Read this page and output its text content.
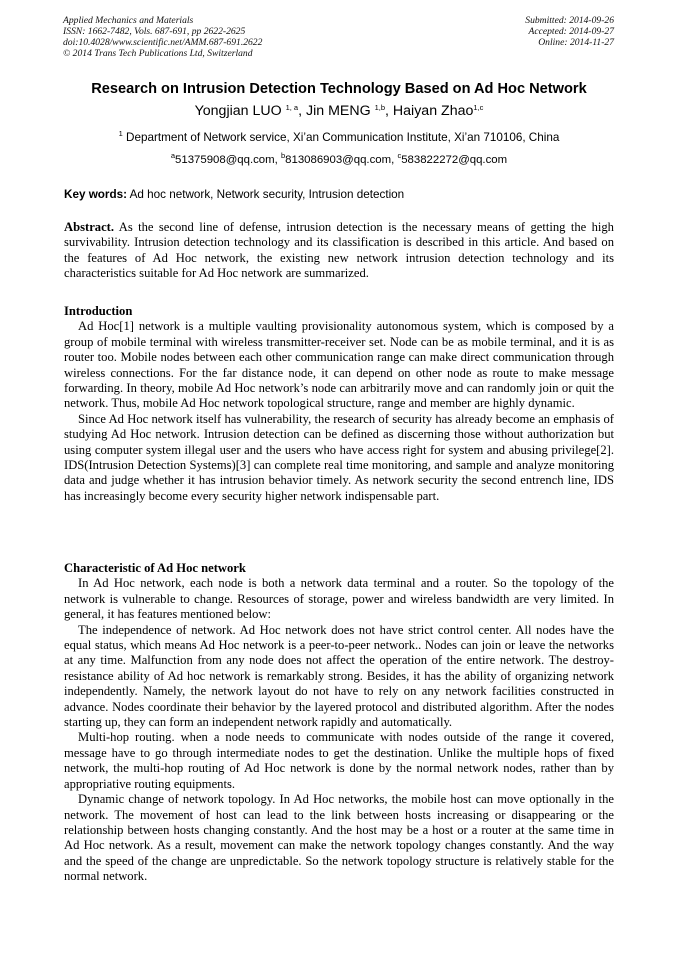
Applied Mechanics and Materials
ISSN: 1662-7482, Vols. 687-691, pp 2622-2625
doi:10.4028/www.scientific.net/AMM.687-691.2622
© 2014 Trans Tech Publications Ltd, Switzerland
Submitted: 2014-09-26
Accepted: 2014-09-27
Online: 2014-11-27
Research on Intrusion Detection Technology Based on Ad Hoc Network
Yongjian LUO $^{1, a}$, Jin MENG $^{1,b}$, Haiyan Zhao$^{1,c}$
$^1$ Department of Network service, Xi’an Communication Institute, Xi’an 710106, China
$^a$51375908@qq.com, $^b$813086903@qq.com, $^c$583822272@qq.com
Key words: Ad hoc network, Network security, Intrusion detection

Abstract. As the second line of defense, intrusion detection is the necessary means of getting the high survivability. Intrusion detection technology and its classification is described in this article. And based on the features of Ad Hoc network, the existing new network intrusion detection technology and its characteristics suitable for Ad Hoc network are summarized.

Introduction

Ad Hoc[1] network is a multiple vaulting provisionality autonomous system, which is composed by a group of mobile terminal with wireless transmitter-receiver set. Node can be as mobile terminal, and it is as router too. Mobile nodes between each other communication range can make direct communication through wireless connections. For the far distance node, it can depend on other node as route to make message forwarding. In theory, mobile Ad Hoc network’s node can arbitrarily move and can randomly join or quit the network. Thus, mobile Ad Hoc network topological structure, range and member are highly dynamic.

Since Ad Hoc network itself has vulnerability, the research of security has already become an emphasis of studying Ad Hoc network. Intrusion detection can be defined as discerning those without authorization but using computer system illegal user and the users who have access right for system and abusing privilege[2]. IDS(Intrusion Detection Systems)[3] can complete real time monitoring, and sample and analyze monitoring data and judge whether it has intrusion behavior timely. As network security the second entrench line, IDS has increasingly become every security higher network indispensable part.

Characteristic of Ad Hoc network

In Ad Hoc network, each node is both a network data terminal and a router. So the topology of the network is vulnerable to change. Resources of storage, power and wireless bandwidth are very limited. In general, it has features mentioned below:

The independence of network. Ad Hoc network does not have strict control center. All nodes have the equal status, which means Ad Hoc network is a peer-to-peer network.. Nodes can join or leave the networks at any time. Malfunction from any node does not affect the operation of the entire network. The destroy-resistance ability of Ad hoc network is remarkably strong. Besides, it has the ability of organizing network independently. Namely, the network layout do not have to rely on any network facilities constructed in advance. Nodes coordinate their behavior by the layered protocol and distributed algorithm. After the nodes starting up, they can form an independent network rapidly and automatically.

Multi-hop routing. when a node needs to communicate with nodes outside of the range it covered, message have to go through intermediate nodes to get the destination. Unlike the multiple hops of fixed network, the multi-hop routing of Ad Hoc network is done by the normal network nodes, rather than by appropriative routing equipments.

Dynamic change of network topology. In Ad Hoc networks, the mobile host can move optionally in the network. The movement of host can lead to the link between hosts increasing or disappearing or the relationship between hosts changing constantly. And the host may be a host or a router at the same time in Ad Hoc network. As a result, movement can make the network topology changes constantly. And the way and the speed of the change are unpredictable. So the network topology structure is relatively stable for the normal network.
